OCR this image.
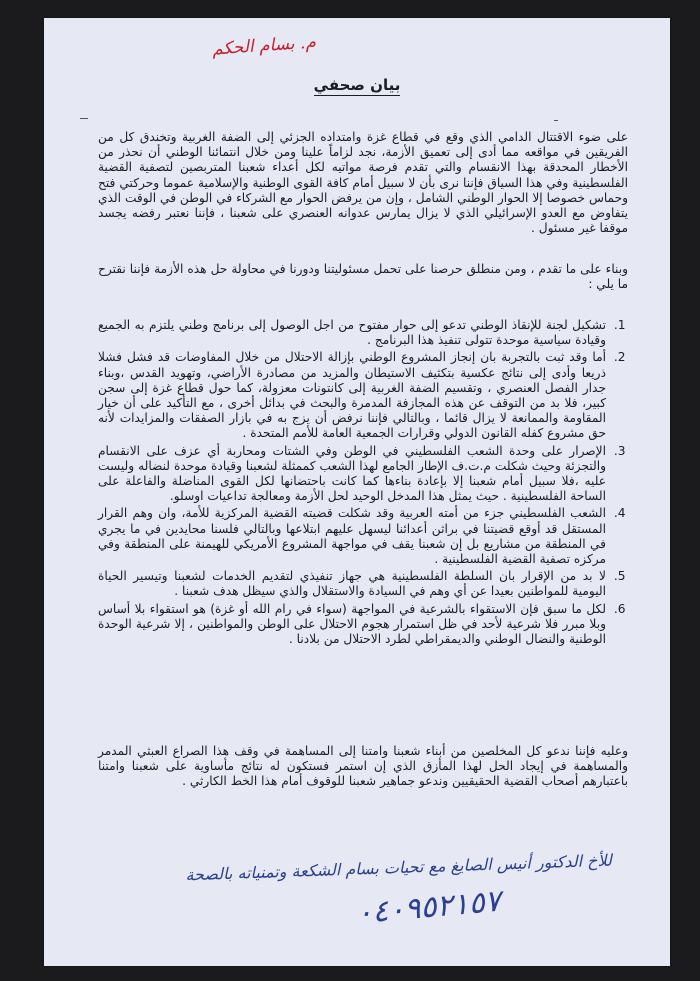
م. بسام الحكم
بيان صحفي
على ضوء الاقتتال الدامي الذي وقع في قطاع غزة وامتداده الجزئي إلى الضفة الغربية وتخندق كل من الفريقين في مواقعه مما أدى إلى تعميق الأزمة، نجد لزاماً علينا ومن خلال انتمائنا الوطني أن نحذر من الأخطار المحدقة بهذا الانقسام والتي تقدم فرصة مواتيه لكل أعداء شعبنا المتربصين لتصفية القضية الفلسطينية وفي هذا السياق فإننا نرى بأن لا سبيل أمام كافة القوى الوطنية والإسلامية عموما وحركتي فتح وحماس خصوصا إلا الحوار الوطني الشامل ، وإن من يرفض الحوار مع الشركاء في الوطن في الوقت الذي يتفاوض مع العدو الإسرائيلي الذي لا يزال يمارس عدوانه العنصري على شعبنا ، فإننا نعتبر رفضه يجسد موقفا غير مسئول .
وبناء على ما تقدم ، ومن منطلق حرصنا على تحمل مسئوليتنا ودورنا في محاولة حل هذه الأزمة فإننا نقترح ما يلي :
1. تشكيل لجنة للإنقاذ الوطني تدعو إلى حوار مفتوح من اجل الوصول إلى برنامج وطني يلتزم به الجميع وقيادة سياسية موحدة تتولى تنفيذ هذا البرنامج .
2. أما وقد ثبت بالتجربة بان إنجاز المشروع الوطني بإزالة الاحتلال من خلال المفاوضات قد فشل فشلا ذريعا وأدى إلى نتائج عكسية بتكثيف الاستيطان والمزيد من مصادرة الأراضي، وتهويد القدس ،وبناء جدار الفصل العنصري ، وتقسيم الضفة الغربية إلى كانتونات معزولة، كما حول قطاع غزة إلى سجن كبير، فلا بد من التوقف عن هذه المجازفة المدمرة والبحث في بدائل أخرى ، مع التأكيد على أن خيار المقاومة والممانعة لا يزال قائما ، وبالتالي فإننا نرفض أن يزج به في بازار الصفقات والمزايدات لأنه حق مشروع كفله القانون الدولي وقرارات الجمعية العامة للأمم المتحدة .
3. الإصرار على وحدة الشعب الفلسطيني في الوطن وفي الشتات ومحاربة أي عزف على الانقسام والتجزئة وحيث شكلت م.ت.ف الإطار الجامع لهذا الشعب كممثلة لشعبنا وقيادة موحدة لنضاله وليست عليه ،فلا سبيل أمام شعبنا إلا بإعادة بناءها كما كانت باحتضانها لكل القوى المناضلة والفاعلة على الساحة الفلسطينية . حيث يمثل هذا المدخل الوحيد لحل الأزمة ومعالجة تداعيات اوسلو.
4. الشعب الفلسطيني جزء من أمته العربية وقد شكلت قضيته القضية المركزية للأمة، وان وهم القرار المستقل قد أوقع قضيتنا في براثن أعدائنا ليسهل عليهم ابتلاعها وبالتالي فلسنا محايدين في ما يجري في المنطقة من مشاريع بل إن شعبنا يقف في مواجهة المشروع الأمريكي للهيمنة على المنطقة وفي مركزه تصفية القضية الفلسطينية .
5. لا بد من الإقرار بان السلطة الفلسطينية هي جهاز تنفيذي لتقديم الخدمات لشعبنا وتيسير الحياة اليومية للمواطنين بعيدا عن أي وهم في السيادة والاستقلال والذي سيظل هدف شعبنا .
6. لكل ما سبق فإن الاستقواء بالشرعية في المواجهة (سواء في رام الله أو غزة) هو استقواء بلا أساس وبلا مبرر فلا شرعية لأحد في ظل استمرار هجوم الاحتلال على الوطن والمواطنين ، إلا شرعية الوحدة الوطنية والنضال الوطني والديمقراطي لطرد الاحتلال من بلادنا .
وعليه فإننا ندعو كل المخلصين من أبناء شعبنا وامتنا إلى المساهمة في وقف هذا الصراع العبثي المدمر والمساهمة في إيجاد الحل لهذا المأزق الذي إن استمر فستكون له نتائج مأساوية على شعبنا وامتنا باعتبارهم أصحاب القضية الحقيقيين وندعو جماهير شعبنا للوقوف أمام هذا الخط الكارثي .
للأخ الدكتور أنيس الصايغ مع تحيات بسام الشكعة وتمنياته بالصحة
٠٤٠٩٥٢١٥٧
